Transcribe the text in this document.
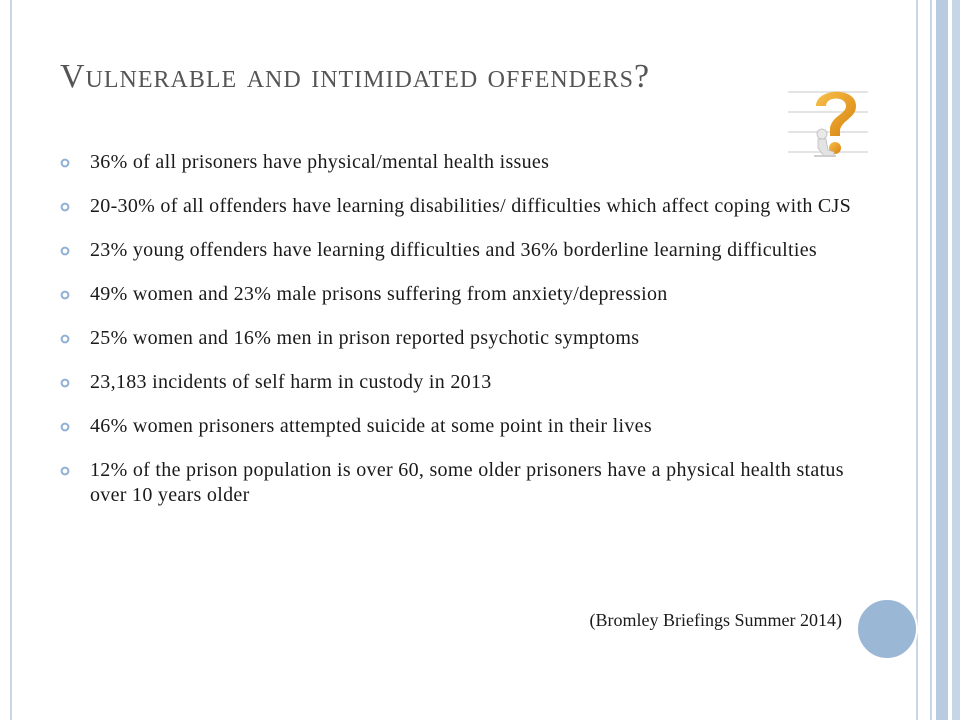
Vulnerable and intimidated offenders?
36% of all prisoners have physical/mental health issues
20-30% of all offenders have learning disabilities/ difficulties which affect coping with CJS
23% young offenders have learning difficulties and 36% borderline learning difficulties
49% women and 23% male prisons suffering from anxiety/depression
25% women and 16% men in prison reported psychotic symptoms
23,183 incidents of self harm in custody in 2013
46% women prisoners attempted suicide at some point in their lives
12% of the prison population is over 60, some older prisoners have a physical health status over 10 years older
(Bromley Briefings Summer 2014)
